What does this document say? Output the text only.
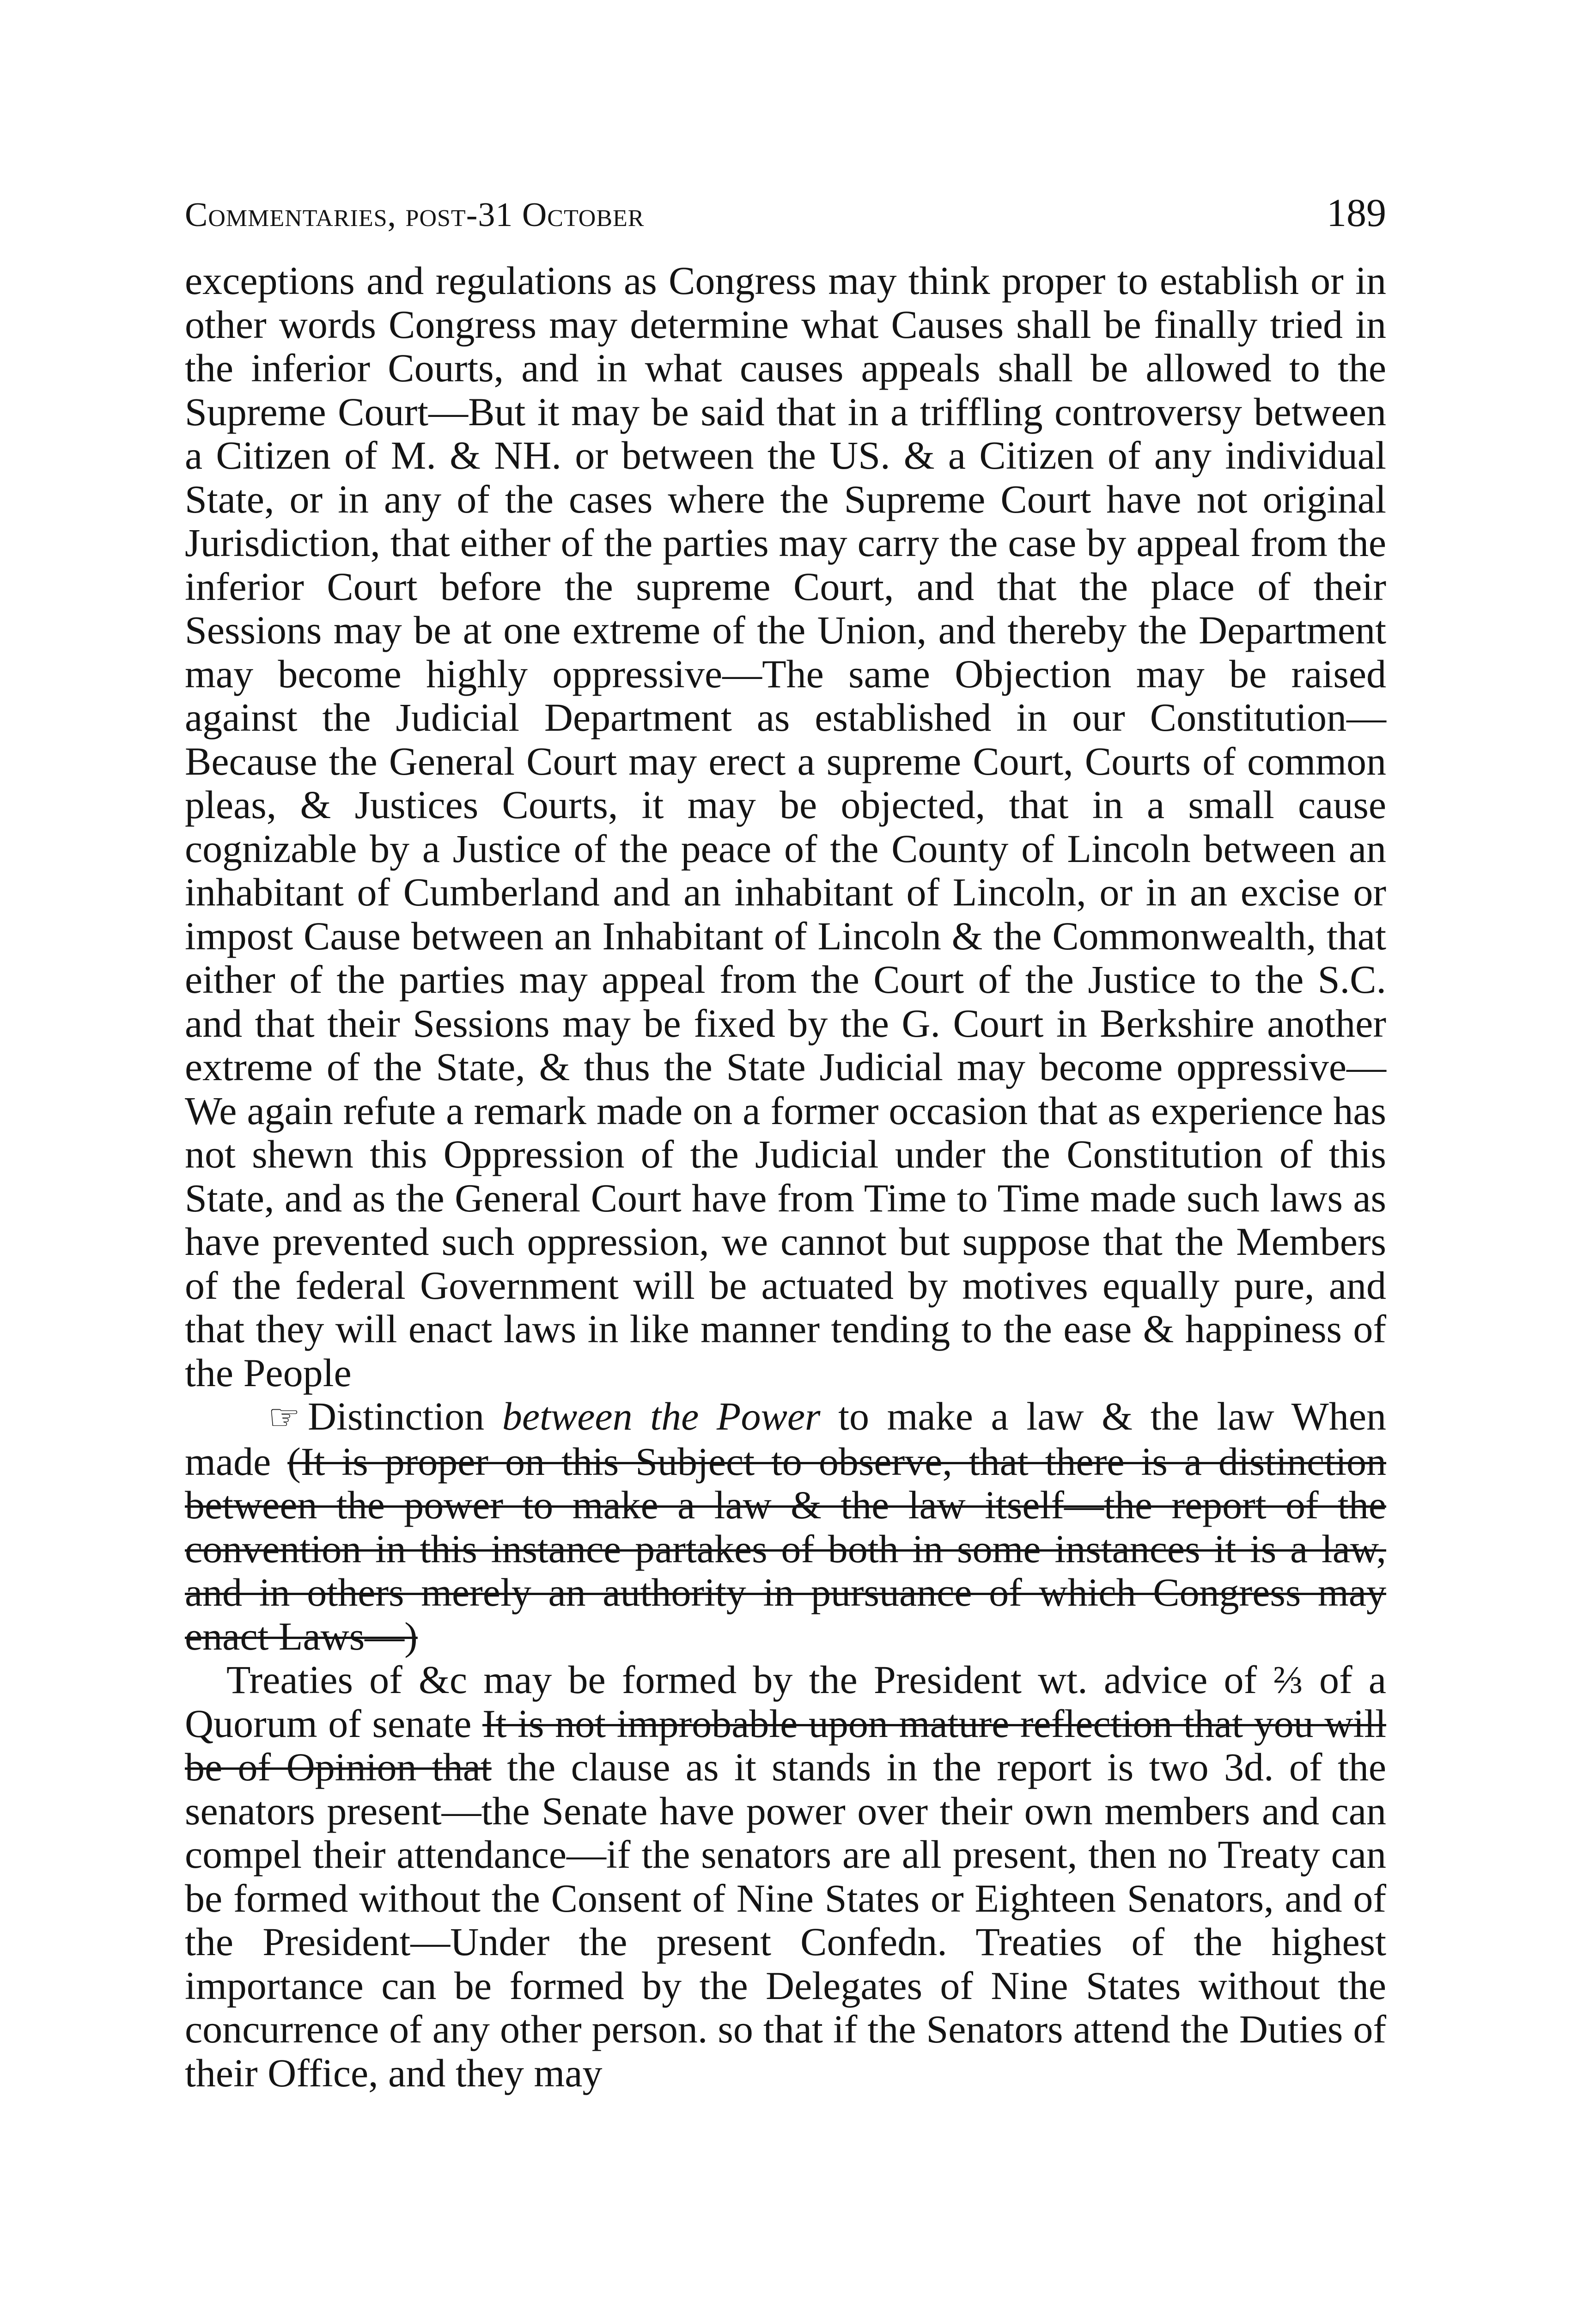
Commentaries, post-31 October	189

exceptions and regulations as Congress may think proper to establish or in other words Congress may determine what Causes shall be finally tried in the inferior Courts, and in what causes appeals shall be allowed to the Supreme Court—But it may be said that in a triffling controversy between a Citizen of M. & NH. or between the US. & a Citizen of any individual State, or in any of the cases where the Supreme Court have not original Jurisdiction, that either of the parties may carry the case by appeal from the inferior Court before the supreme Court, and that the place of their Sessions may be at one extreme of the Union, and thereby the Department may become highly oppressive—The same Objection may be raised against the Judicial Department as established in our Constitution—Because the General Court may erect a supreme Court, Courts of common pleas, & Justices Courts, it may be objected, that in a small cause cognizable by a Justice of the peace of the County of Lincoln between an inhabitant of Cumberland and an inhabitant of Lincoln, or in an excise or impost Cause between an Inhabitant of Lincoln & the Commonwealth, that either of the parties may appeal from the Court of the Justice to the S.C. and that their Sessions may be fixed by the G. Court in Berkshire another extreme of the State, & thus the State Judicial may become oppressive—We again refute a remark made on a former occasion that as experience has not shewn this Oppression of the Judicial under the Constitution of this State, and as the General Court have from Time to Time made such laws as have prevented such oppression, we cannot but suppose that the Members of the federal Government will be actuated by motives equally pure, and that they will enact laws in like manner tending to the ease & happiness of the People

☞ Distinction between the Power to make a law & the law When made (It is proper on this Subject to observe, that there is a distinction between the power to make a law & the law itself—the report of the convention in this instance partakes of both in some instances it is a law, and in others merely an authority in pursuance of which Congress may enact Laws—)

Treaties of &c may be formed by the President wt. advice of ⅔ of a Quorum of senate It is not improbable upon mature reflection that you will be of Opinion that the clause as it stands in the report is two 3d. of the senators present—the Senate have power over their own members and can compel their attendance—if the senators are all present, then no Treaty can be formed without the Consent of Nine States or Eighteen Senators, and of the President—Under the present Confedn. Treaties of the highest importance can be formed by the Delegates of Nine States without the concurrence of any other person. so that if the Senators attend the Duties of their Office, and they may
